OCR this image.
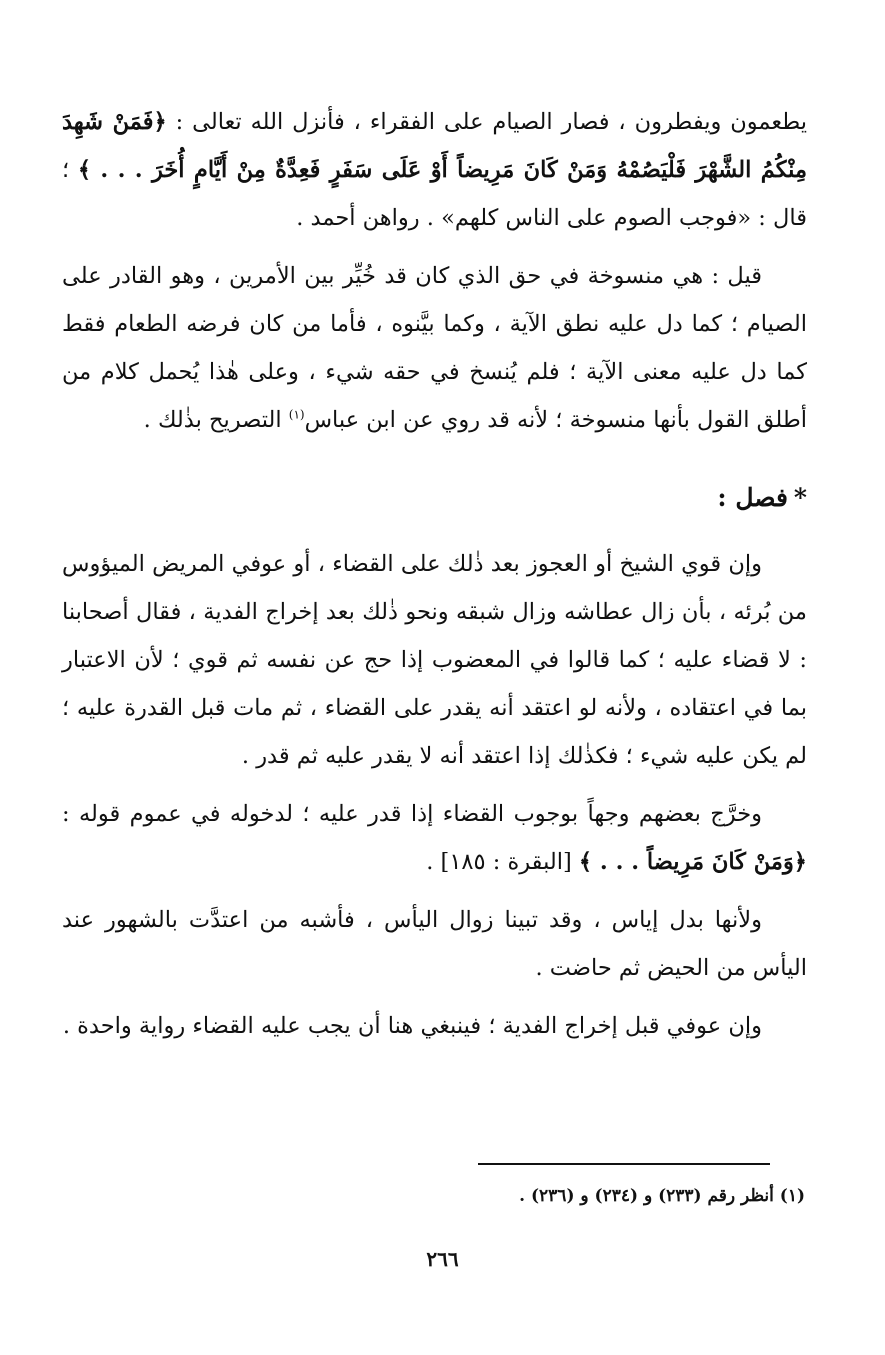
يطعمون ويفطرون ، فصار الصيام على الفقراء ، فأنزل الله تعالى : ﴿فَمَنْ شَهِدَ مِنْكُمُ الشَّهْرَ فَلْيَصُمْهُ وَمَنْ كَانَ مَرِيضاً أَوْ عَلَى سَفَرٍ فَعِدَّةٌ مِنْ أَيَّامٍ أُخَرَ . . . ﴾ ؛ قال : «فوجب الصوم على الناس كلهم» . رواهن أحمد .

قيل : هي منسوخة في حق الذي كان قد خُيِّر بين الأمرين ، وهو القادر على الصيام ؛ كما دل عليه نطق الآية ، وكما بيَّنوه ، فأما من كان فرضه الطعام فقط كما دل عليه معنى الآية ؛ فلم يُنسخ في حقه شيء ، وعلى هٰذا يُحمل كلام من أطلق القول بأنها منسوخة ؛ لأنه قد روي عن ابن عباس$^{(١)}$ التصريح بذٰلك .

*فصل :

وإن قوي الشيخ أو العجوز بعد ذٰلك على القضاء ، أو عوفي المريض الميؤوس من بُرئه ، بأن زال عطاشه وزال شبقه ونحو ذٰلك بعد إخراج الفدية ، فقال أصحابنا : لا قضاء عليه ؛ كما قالوا في المعضوب إذا حج عن نفسه ثم قوي ؛ لأن الاعتبار بما في اعتقاده ، ولأنه لو اعتقد أنه يقدر على القضاء ، ثم مات قبل القدرة عليه ؛ لم يكن عليه شيء ؛ فكذٰلك إذا اعتقد أنه لا يقدر عليه ثم قدر .

وخرَّج بعضهم وجهاً بوجوب القضاء إذا قدر عليه ؛ لدخوله في عموم قوله : ﴿وَمَنْ كَانَ مَرِيضاً . . . ﴾ [البقرة : ١٨٥] .

ولأنها بدل إياس ، وقد تبينا زوال اليأس ، فأشبه من اعتدَّت بالشهور عند اليأس من الحيض ثم حاضت .

وإن عوفي قبل إخراج الفدية ؛ فينبغي هنا أن يجب عليه القضاء رواية واحدة .

(١) أنظر رقم (٢٣٣) و (٢٣٤) و (٢٣٦) .
٢٦٦
